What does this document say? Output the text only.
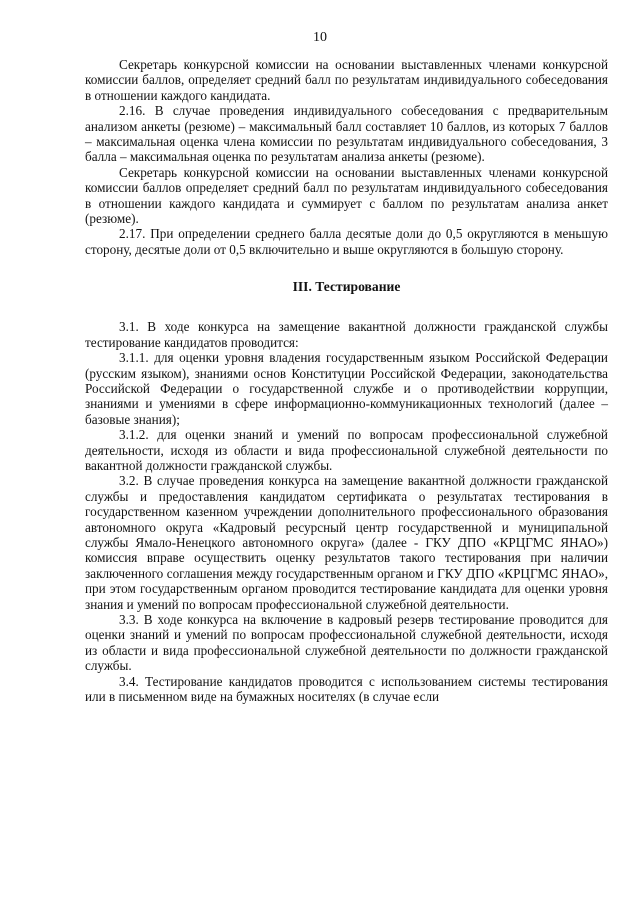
10

Секретарь конкурсной комиссии на основании выставленных членами конкурсной комиссии баллов, определяет средний балл по результатам индивидуального собеседования в отношении каждого кандидата.

2.16. В случае проведения индивидуального собеседования с предварительным анализом анкеты (резюме) – максимальный балл составляет 10 баллов, из которых 7 баллов – максимальная оценка члена комиссии по результатам индивидуального собеседования, 3 балла – максимальная оценка по результатам анализа анкеты (резюме).

Секретарь конкурсной комиссии на основании выставленных членами конкурсной комиссии баллов определяет средний балл по результатам индивидуального собеседования в отношении каждого кандидата и суммирует с баллом по результатам анализа анкет (резюме).

2.17. При определении среднего балла десятые доли до 0,5 округляются в меньшую сторону, десятые доли от 0,5 включительно и выше округляются в большую сторону.

III. Тестирование

3.1. В ходе конкурса на замещение вакантной должности гражданской службы тестирование кандидатов проводится:

3.1.1. для оценки уровня владения государственным языком Российской Федерации (русским языком), знаниями основ Конституции Российской Федерации, законодательства Российской Федерации о государственной службе и о противодействии коррупции, знаниями и умениями в сфере информационно-коммуникационных технологий (далее – базовые знания);

3.1.2. для оценки знаний и умений по вопросам профессиональной служебной деятельности, исходя из области и вида профессиональной служебной деятельности по вакантной должности гражданской службы.

3.2. В случае проведения конкурса на замещение вакантной должности гражданской службы и предоставления кандидатом сертификата о результатах тестирования в государственном казенном учреждении дополнительного профессионального образования автономного округа «Кадровый ресурсный центр государственной и муниципальной службы Ямало-Ненецкого автономного округа» (далее - ГКУ ДПО «КРЦГМС ЯНАО») комиссия вправе осуществить оценку результатов такого тестирования при наличии заключенного соглашения между государственным органом и ГКУ ДПО «КРЦГМС ЯНАО», при этом государственным органом проводится тестирование кандидата для оценки уровня знания и умений по вопросам профессиональной служебной деятельности.

3.3. В ходе конкурса на включение в кадровый резерв тестирование проводится для оценки знаний и умений по вопросам профессиональной служебной деятельности, исходя из области и вида профессиональной служебной деятельности по должности гражданской службы.

3.4. Тестирование кандидатов проводится с использованием системы тестирования или в письменном виде на бумажных носителях (в случае если
